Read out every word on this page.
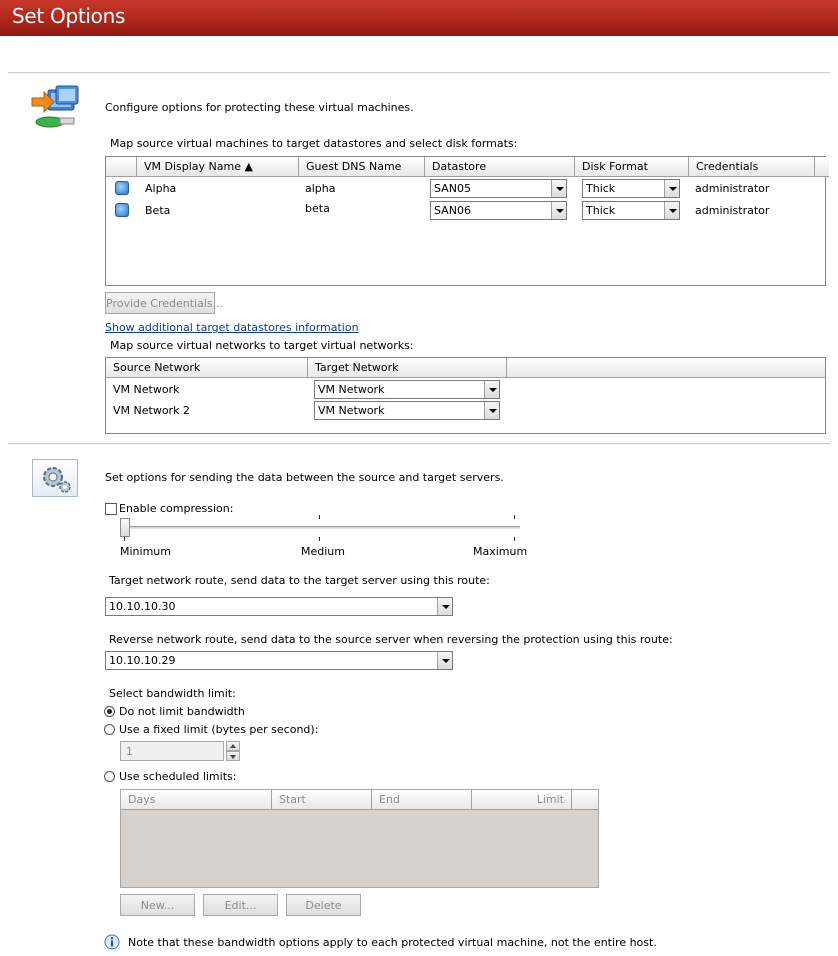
Set Options
Configure options for protecting these virtual machines.
Map source virtual machines to target datastores and select disk formats:
VM Display Name ▲	Guest DNS Name	Datastore	Disk Format	Credentials
Alpha	alpha	SAN05	Thick	administrator
Beta	beta	SAN06	Thick	administrator
Provide Credentials...
Show additional target datastores information
Map source virtual networks to target virtual networks:
Source Network	Target Network
VM Network	VM Network
VM Network 2	VM Network
Set options for sending the data between the source and target servers.
Enable compression:
Minimum	Medium	Maximum
Target network route, send data to the target server using this route:
10.10.10.30
Reverse network route, send data to the source server when reversing the protection using this route:
10.10.10.29
Select bandwidth limit:
Do not limit bandwidth
Use a fixed limit (bytes per second):
1
Use scheduled limits:
Days	Start	End	Limit
New...	Edit...	Delete
Note that these bandwidth options apply to each protected virtual machine, not the entire host.
